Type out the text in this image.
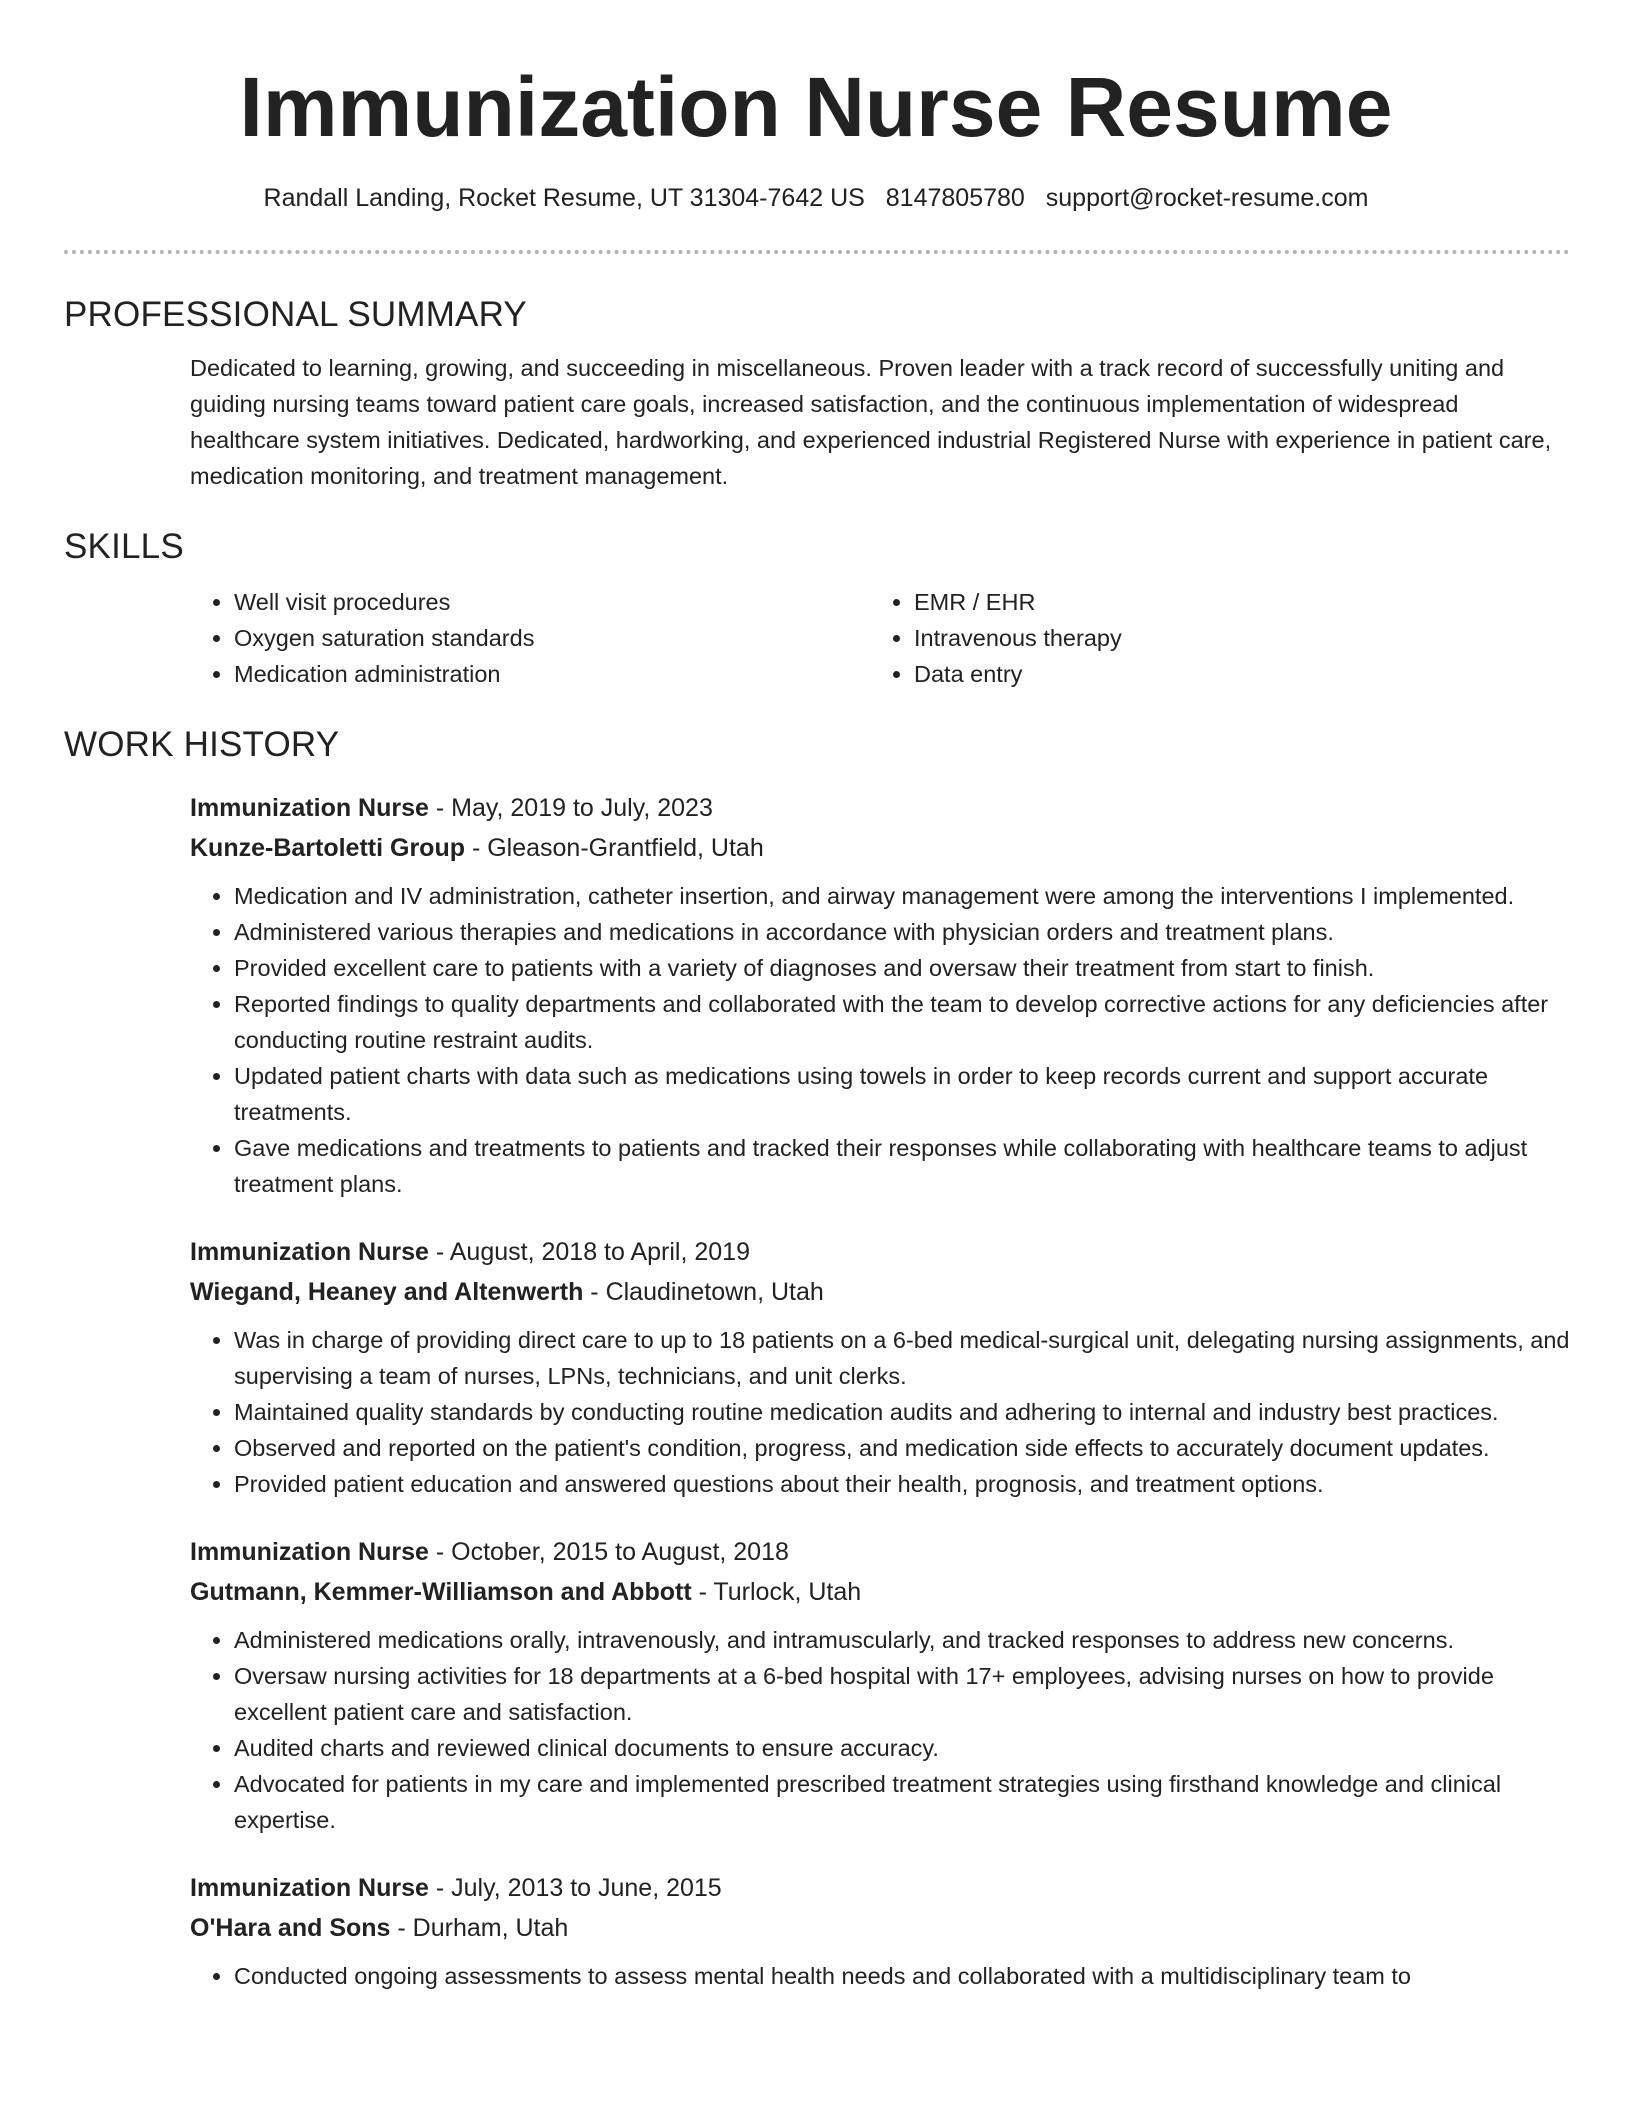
Immunization Nurse Resume
Randall Landing, Rocket Resume, UT 31304-7642 US 8147805780 support@rocket-resume.com
PROFESSIONAL SUMMARY

Dedicated to learning, growing, and succeeding in miscellaneous. Proven leader with a track record of successfully uniting and guiding nursing teams toward patient care goals, increased satisfaction, and the continuous implementation of widespread healthcare system initiatives. Dedicated, hardworking, and experienced industrial Registered Nurse with experience in patient care, medication monitoring, and treatment management.

SKILLS
• Well visit procedures
• Oxygen saturation standards
• Medication administration
• EMR / EHR
• Intravenous therapy
• Data entry
WORK HISTORY
Immunization Nurse - May, 2019 to July, 2023
Kunze-Bartoletti Group - Gleason-Grantfield, Utah
• Medication and IV administration, catheter insertion, and airway management were among the interventions I implemented.
• Administered various therapies and medications in accordance with physician orders and treatment plans.
• Provided excellent care to patients with a variety of diagnoses and oversaw their treatment from start to finish.
• Reported findings to quality departments and collaborated with the team to develop corrective actions for any deficiencies after conducting routine restraint audits.
• Updated patient charts with data such as medications using towels in order to keep records current and support accurate treatments.
• Gave medications and treatments to patients and tracked their responses while collaborating with healthcare teams to adjust treatment plans.
Immunization Nurse - August, 2018 to April, 2019
Wiegand, Heaney and Altenwerth - Claudinetown, Utah
• Was in charge of providing direct care to up to 18 patients on a 6-bed medical-surgical unit, delegating nursing assignments, and supervising a team of nurses, LPNs, technicians, and unit clerks.
• Maintained quality standards by conducting routine medication audits and adhering to internal and industry best practices.
• Observed and reported on the patient's condition, progress, and medication side effects to accurately document updates.
• Provided patient education and answered questions about their health, prognosis, and treatment options.
Immunization Nurse - October, 2015 to August, 2018
Gutmann, Kemmer-Williamson and Abbott - Turlock, Utah
• Administered medications orally, intravenously, and intramuscularly, and tracked responses to address new concerns.
• Oversaw nursing activities for 18 departments at a 6-bed hospital with 17+ employees, advising nurses on how to provide excellent patient care and satisfaction.
• Audited charts and reviewed clinical documents to ensure accuracy.
• Advocated for patients in my care and implemented prescribed treatment strategies using firsthand knowledge and clinical expertise.
Immunization Nurse - July, 2013 to June, 2015
O'Hara and Sons - Durham, Utah
• Conducted ongoing assessments to assess mental health needs and collaborated with a multidisciplinary team to
